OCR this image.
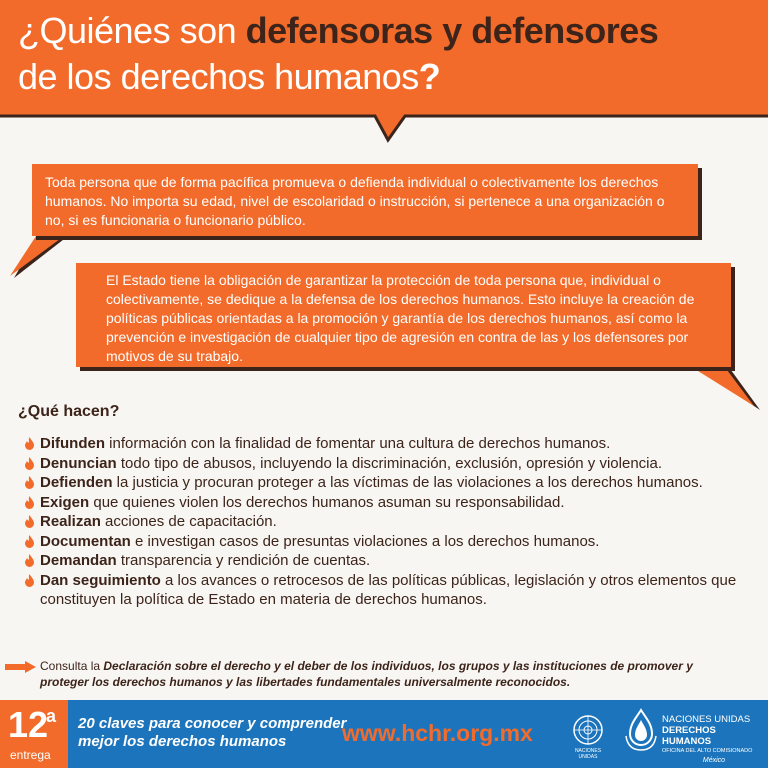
¿Quiénes son defensoras y defensores
de los derechos humanos?
Toda persona que de forma pacífica promueva o defienda individual o colectivamente los derechos humanos. No importa su edad, nivel de escolaridad o instrucción, si pertenece a una organización o no, si es funcionaria o funcionario público.
El Estado tiene la obligación de garantizar la protección de toda persona que, individual o colectivamente, se dedique a la defensa de los derechos humanos. Esto incluye la creación de políticas públicas orientadas a la promoción y garantía de los derechos humanos, así como la prevención e investigación de cualquier tipo de agresión en contra de las y los defensores por motivos de su trabajo.
¿Qué hacen?
Difunden información con la finalidad de fomentar una cultura de derechos humanos.
Denuncian todo tipo de abusos, incluyendo la discriminación, exclusión, opresión y violencia.
Defienden la justicia y procuran proteger a las víctimas de las violaciones a los derechos humanos.
Exigen que quienes violen los derechos humanos asuman su responsabilidad.
Realizan acciones de capacitación.
Documentan e investigan casos de presuntas violaciones a los derechos humanos.
Demandan transparencia y rendición de cuentas.
Dan seguimiento a los avances o retrocesos de las políticas públicas, legislación y otros elementos que constituyen la política de Estado en materia de derechos humanos.
Consulta la Declaración sobre el derecho y el deber de los individuos, los grupos y las instituciones de promover y proteger los derechos humanos y las libertades fundamentales universalmente reconocidos.
12
a
entrega
20 claves para conocer y comprender mejor los derechos humanos	www.hchr.org.mx
NACIONES UNIDAS
NACIONES UNIDAS
DERECHOS HUMANOS
OFICINA DEL ALTO COMISIONADO
México
